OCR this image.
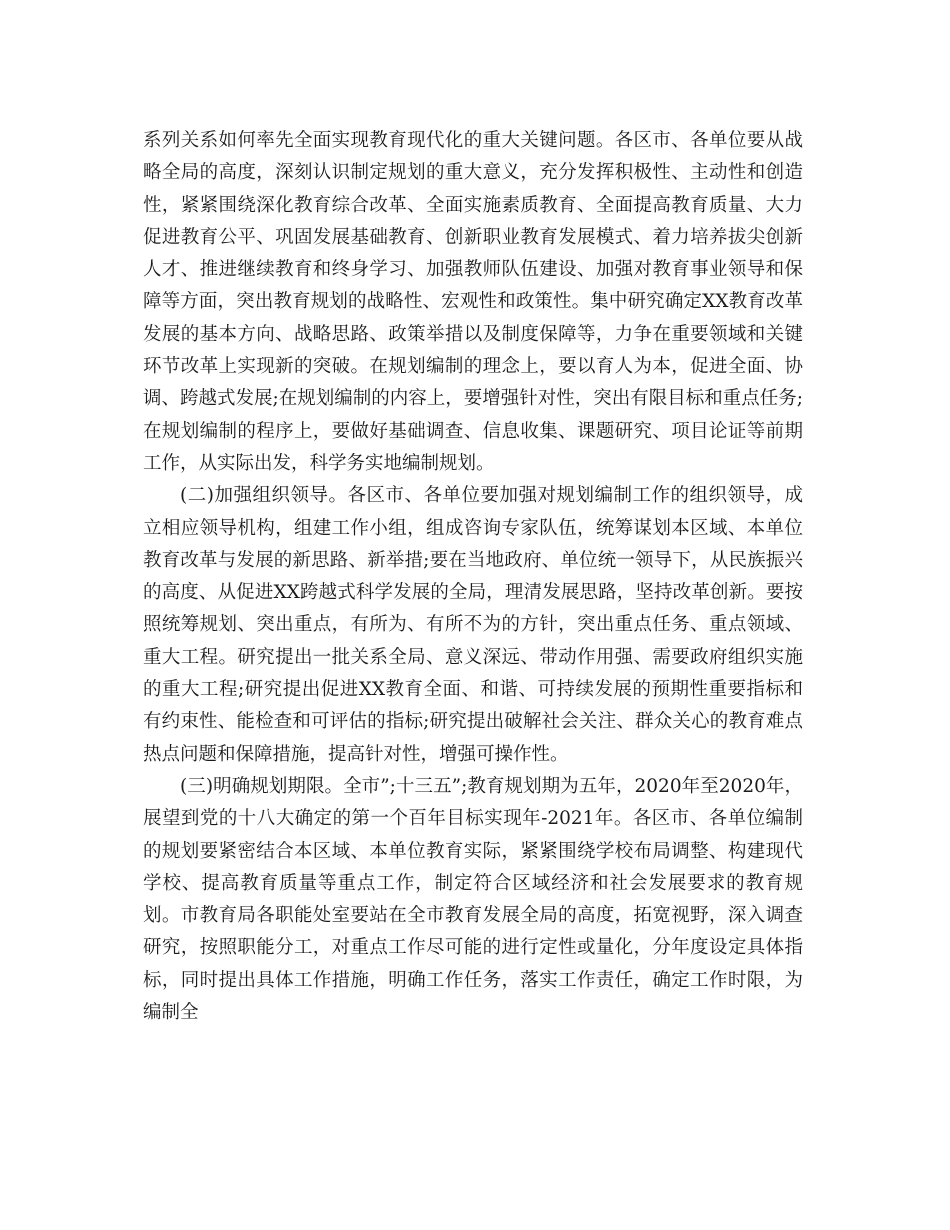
系列关系如何率先全面实现教育现代化的重大关键问题。各区市、各单位要从战略全局的高度，深刻认识制定规划的重大意义，充分发挥积极性、主动性和创造性，紧紧围绕深化教育综合改革、全面实施素质教育、全面提高教育质量、大力促进教育公平、巩固发展基础教育、创新职业教育发展模式、着力培养拔尖创新人才、推进继续教育和终身学习、加强教师队伍建设、加强对教育事业领导和保障等方面，突出教育规划的战略性、宏观性和政策性。集中研究确定XX教育改革发展的基本方向、战略思路、政策举措以及制度保障等，力争在重要领域和关键环节改革上实现新的突破。在规划编制的理念上，要以育人为本，促进全面、协调、跨越式发展;在规划编制的内容上，要增强针对性，突出有限目标和重点任务;在规划编制的程序上，要做好基础调查、信息收集、课题研究、项目论证等前期工作，从实际出发，科学务实地编制规划。

(二)加强组织领导。各区市、各单位要加强对规划编制工作的组织领导，成立相应领导机构，组建工作小组，组成咨询专家队伍，统筹谋划本区域、本单位教育改革与发展的新思路、新举措;要在当地政府、单位统一领导下，从民族振兴的高度、从促进XX跨越式科学发展的全局，理清发展思路，坚持改革创新。要按照统筹规划、突出重点，有所为、有所不为的方针，突出重点任务、重点领域、重大工程。研究提出一批关系全局、意义深远、带动作用强、需要政府组织实施的重大工程;研究提出促进XX教育全面、和谐、可持续发展的预期性重要指标和有约束性、能检查和可评估的指标;研究提出破解社会关注、群众关心的教育难点热点问题和保障措施，提高针对性，增强可操作性。

(三)明确规划期限。全市”;十三五”;教育规划期为五年，2020年至2020年，展望到党的十八大确定的第一个百年目标实现年-2021年。各区市、各单位编制的规划要紧密结合本区域、本单位教育实际，紧紧围绕学校布局调整、构建现代学校、提高教育质量等重点工作，制定符合区域经济和社会发展要求的教育规划。市教育局各职能处室要站在全市教育发展全局的高度，拓宽视野，深入调查研究，按照职能分工，对重点工作尽可能的进行定性或量化，分年度设定具体指标，同时提出具体工作措施，明确工作任务，落实工作责任，确定工作时限，为编制全
